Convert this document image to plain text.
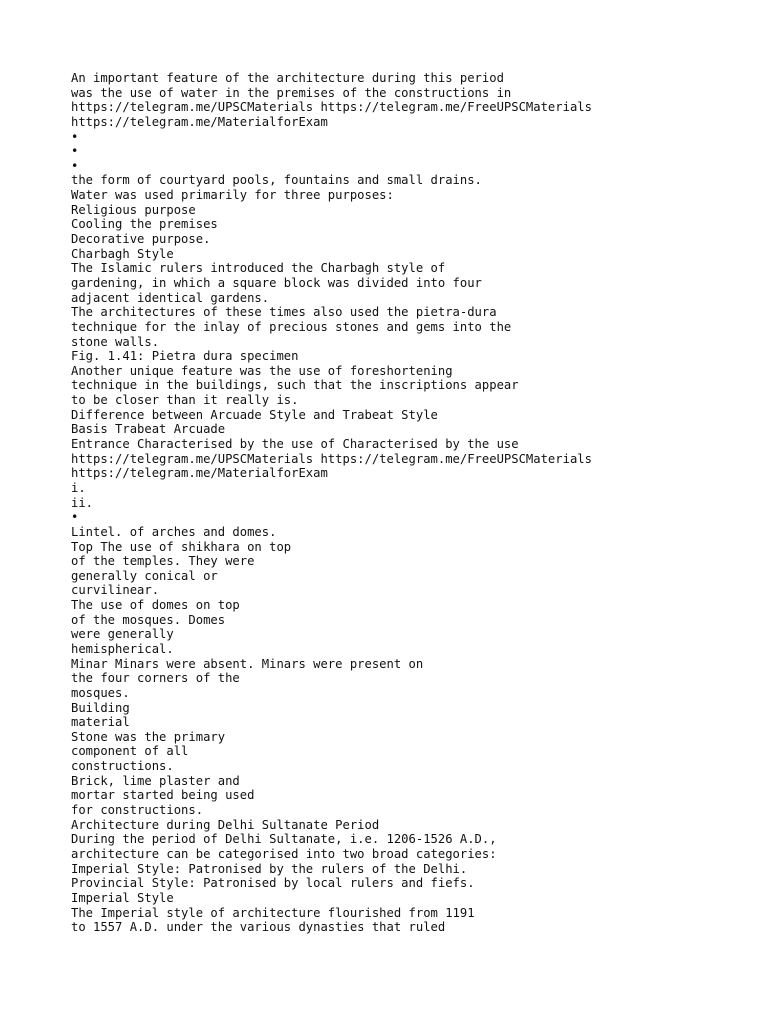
An important feature of the architecture during this period
was the use of water in the premises of the constructions in
https://telegram.me/UPSCMaterials https://telegram.me/FreeUPSCMaterials
https://telegram.me/MaterialforExam
•
•
•
the form of courtyard pools, fountains and small drains.
Water was used primarily for three purposes:
Religious purpose
Cooling the premises
Decorative purpose.
Charbagh Style
The Islamic rulers introduced the Charbagh style of
gardening, in which a square block was divided into four
adjacent identical gardens.
The architectures of these times also used the pietra-dura
technique for the inlay of precious stones and gems into the
stone walls.
Fig. 1.41: Pietra dura specimen
Another unique feature was the use of foreshortening
technique in the buildings, such that the inscriptions appear
to be closer than it really is.
Difference between Arcuade Style and Trabeat Style
Basis Trabeat Arcuade
Entrance Characterised by the use of Characterised by the use
https://telegram.me/UPSCMaterials https://telegram.me/FreeUPSCMaterials
https://telegram.me/MaterialforExam
i.
ii.
•
Lintel. of arches and domes.
Top The use of shikhara on top
of the temples. They were
generally conical or
curvilinear.
The use of domes on top
of the mosques. Domes
were generally
hemispherical.
Minar Minars were absent. Minars were present on
the four corners of the
mosques.
Building
material
Stone was the primary
component of all
constructions.
Brick, lime plaster and
mortar started being used
for constructions.
Architecture during Delhi Sultanate Period
During the period of Delhi Sultanate, i.e. 1206-1526 A.D.,
architecture can be categorised into two broad categories:
Imperial Style: Patronised by the rulers of the Delhi.
Provincial Style: Patronised by local rulers and fiefs.
Imperial Style
The Imperial style of architecture flourished from 1191
to 1557 A.D. under the various dynasties that ruled
